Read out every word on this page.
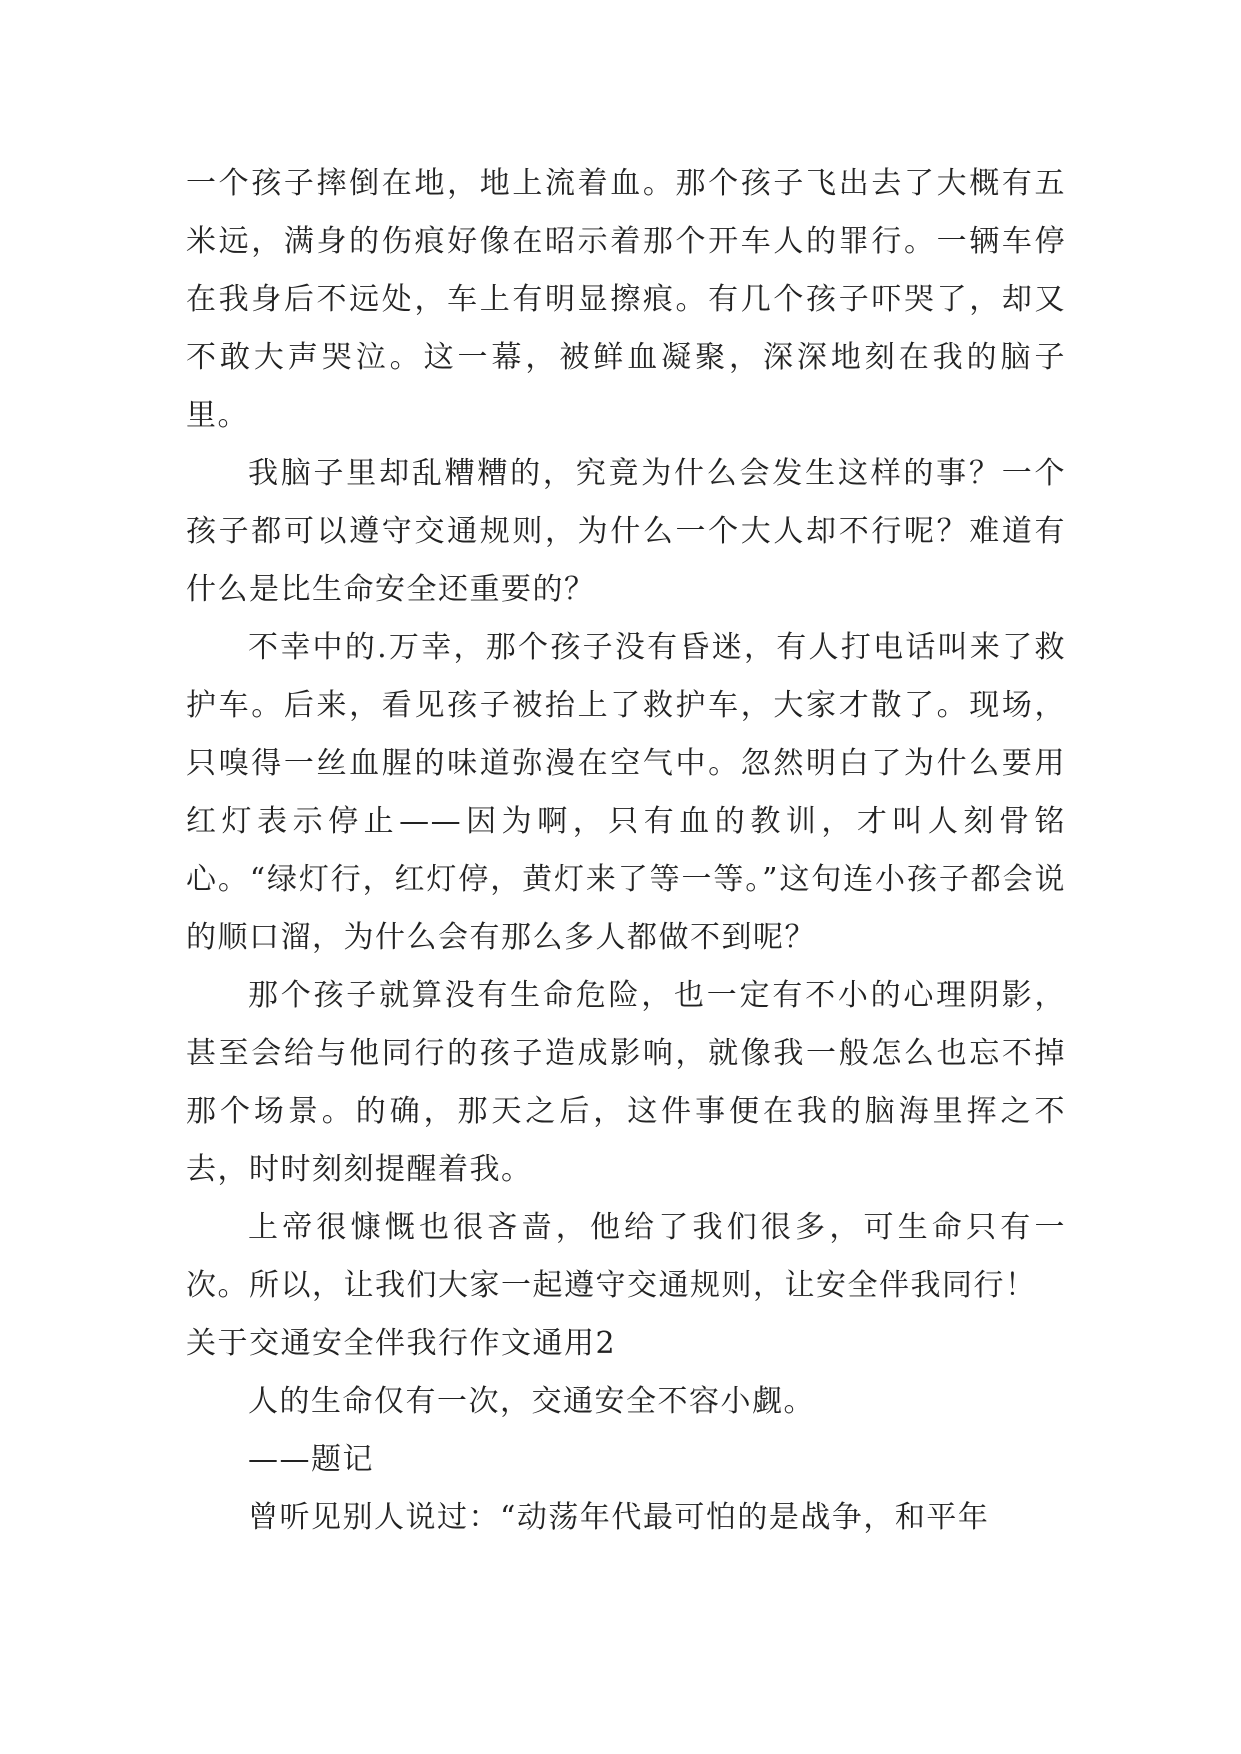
一个孩子摔倒在地，地上流着血。那个孩子飞出去了大概有五米远，满身的伤痕好像在昭示着那个开车人的罪行。一辆车停在我身后不远处，车上有明显擦痕。有几个孩子吓哭了，却又不敢大声哭泣。这一幕，被鲜血凝聚，深深地刻在我的脑子里。

我脑子里却乱糟糟的，究竟为什么会发生这样的事？一个孩子都可以遵守交通规则，为什么一个大人却不行呢？难道有什么是比生命安全还重要的？

不幸中的.万幸，那个孩子没有昏迷，有人打电话叫来了救护车。后来，看见孩子被抬上了救护车，大家才散了。现场，只嗅得一丝血腥的味道弥漫在空气中。忽然明白了为什么要用红灯表示停止——因为啊，只有血的教训，才叫人刻骨铭心。“绿灯行，红灯停，黄灯来了等一等。”这句连小孩子都会说的顺口溜，为什么会有那么多人都做不到呢？

那个孩子就算没有生命危险，也一定有不小的心理阴影，甚至会给与他同行的孩子造成影响，就像我一般怎么也忘不掉那个场景。的确，那天之后，这件事便在我的脑海里挥之不去，时时刻刻提醒着我。

上帝很慷慨也很吝啬，他给了我们很多，可生命只有一次。所以，让我们大家一起遵守交通规则，让安全伴我同行！

关于交通安全伴我行作文通用2

人的生命仅有一次，交通安全不容小觑。

——题记

曾听见别人说过：“动荡年代最可怕的是战争，和平年
